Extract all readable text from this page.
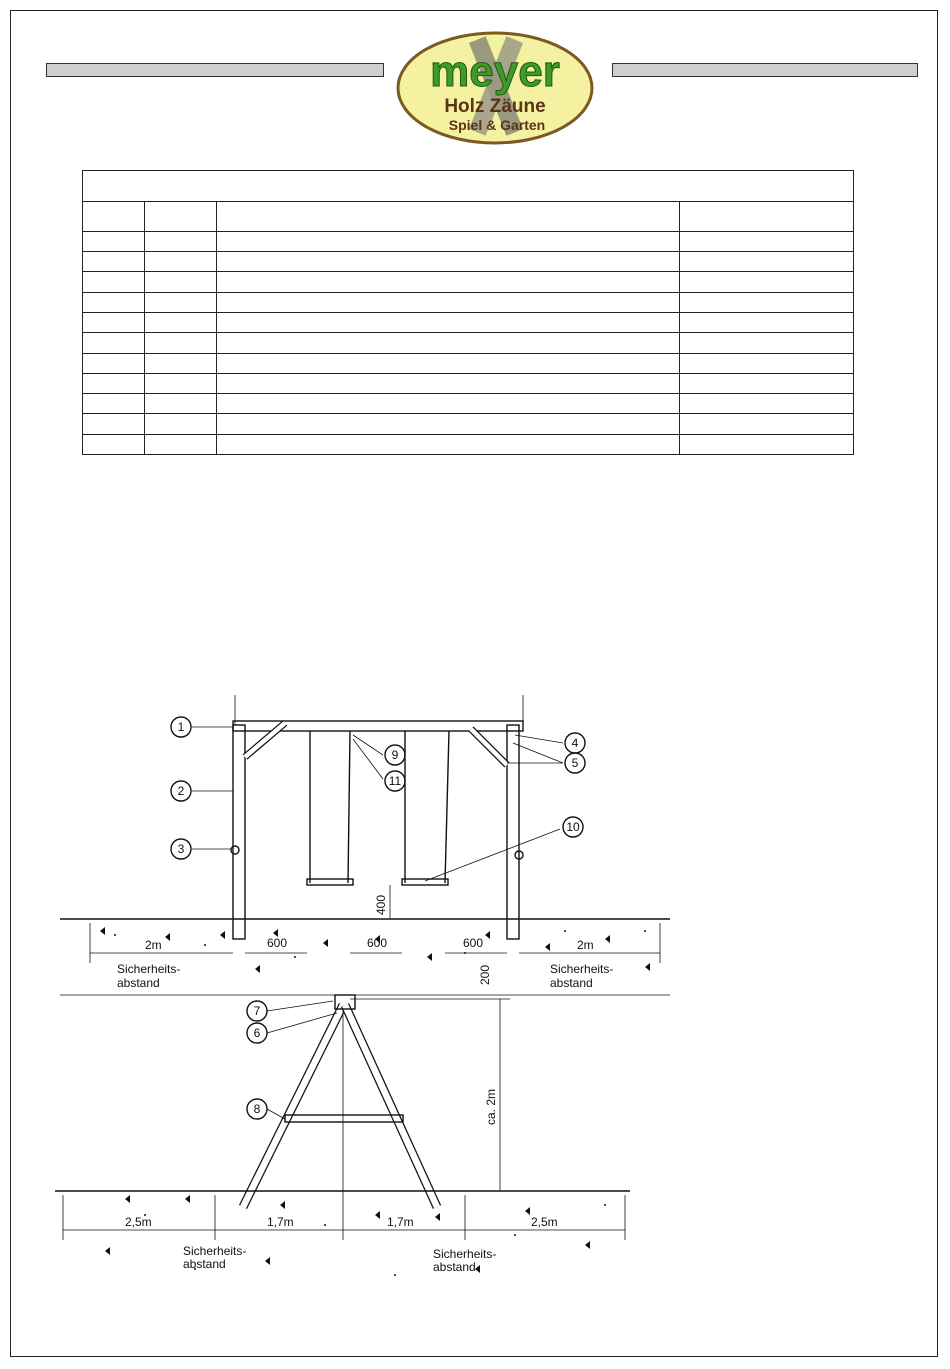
meyer
Holz Zäune
Spiel & Garten

1
2
3
4
5
9
11
10
7
6
8
2m	600	600	600	2m
400
200
Sicherheits-
abstand
Sicherheits-
abstand
ca. 2m
2,5m	1,7m	1,7m	2,5m
Sicherheits-
abstand
Sicherheits-
abstand
